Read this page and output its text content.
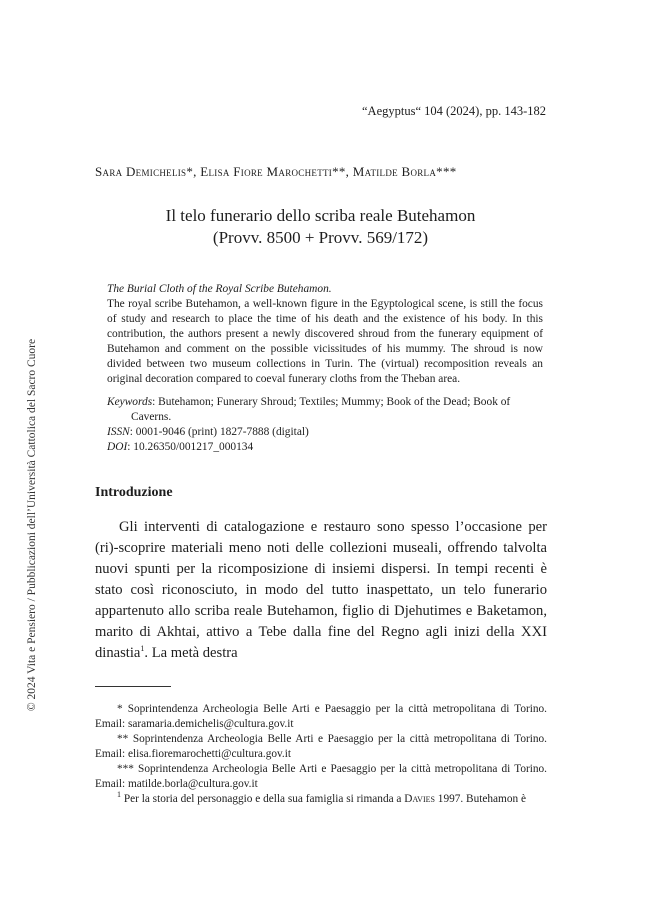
© 2024 Vita e Pensiero / Pubblicazioni dell’Università Cattolica del Sacro Cuore
“Aegyptus“ 104 (2024), pp. 143-182
Sara Demichelis*, Elisa Fiore Marochetti**, Matilde Borla***
Il telo funerario dello scriba reale Butehamon
(Provv. 8500 + Provv. 569/172)

The Burial Cloth of the Royal Scribe Butehamon.

The royal scribe Butehamon, a well-known figure in the Egyptological scene, is still the focus of study and research to place the time of his death and the existence of his body. In this contribution, the authors present a newly discovered shroud from the funerary equipment of Butehamon and comment on the possible vicissitudes of his mummy. The shroud is now divided between two museum collections in Turin. The (virtual) recomposition reveals an original decoration compared to coeval funerary cloths from the Theban area.

Keywords: Butehamon; Funerary Shroud; Textiles; Mummy; Book of the Dead; Book of Caverns.

ISSN: 0001-9046 (print) 1827-7888 (digital)

DOI: 10.26350/001217_000134

Introduzione

Gli interventi di catalogazione e restauro sono spesso l’occasione per (ri)-scoprire materiali meno noti delle collezioni museali, offrendo talvolta nuovi spunti per la ricomposizione di insiemi dispersi. In tempi recenti è stato così riconosciuto, in modo del tutto inaspettato, un telo funerario appartenuto allo scriba reale Butehamon, figlio di Djehutimes e Baketamon, marito di Akhtai, attivo a Tebe dalla fine del Regno agli inizi della XXI dinastia$^1$. La metà destra

* Soprintendenza Archeologia Belle Arti e Paesaggio per la città metropolitana di Torino. Email: saramaria.demichelis@cultura.gov.it

** Soprintendenza Archeologia Belle Arti e Paesaggio per la città metropolitana di Torino. Email: elisa.fioremarochetti@cultura.gov.it

*** Soprintendenza Archeologia Belle Arti e Paesaggio per la città metropolitana di Torino. Email: matilde.borla@cultura.gov.it

$^1$ Per la storia del personaggio e della sua famiglia si rimanda a Davies 1997. Butehamon è
